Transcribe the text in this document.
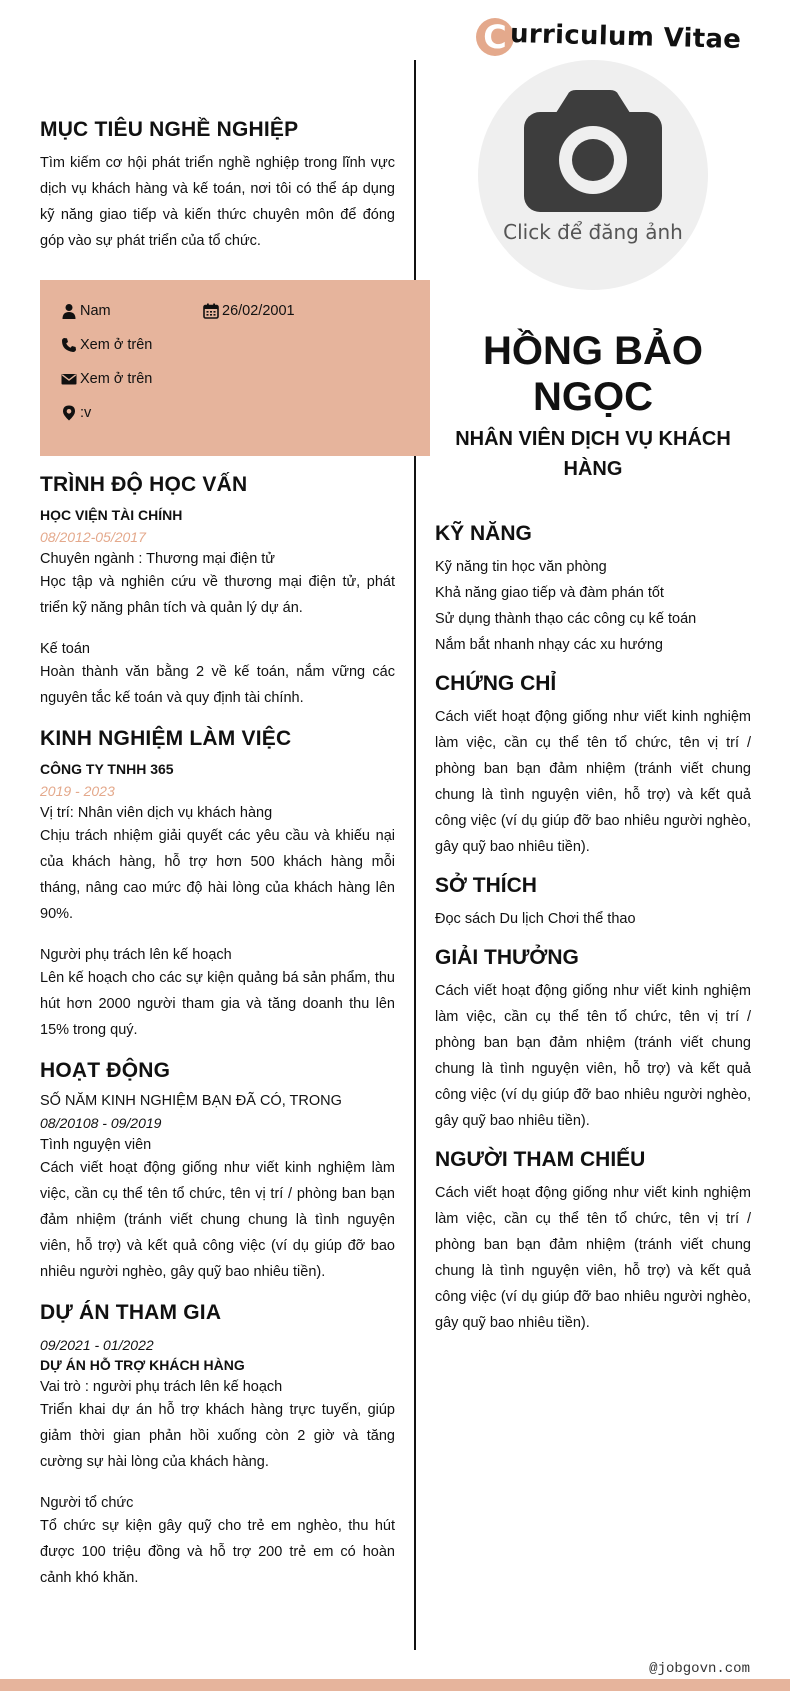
C urriculum Vitae
Click để đăng ảnh
HỒNG BẢO NGỌC
NHÂN VIÊN DỊCH VỤ KHÁCH HÀNG
MỤC TIÊU NGHỀ NGHIỆP
Tìm kiếm cơ hội phát triển nghề nghiệp trong lĩnh vực dịch vụ khách hàng và kế toán, nơi tôi có thể áp dụng kỹ năng giao tiếp và kiến thức chuyên môn để đóng góp vào sự phát triển của tổ chức.
Nam	26/02/2001
Xem ở trên
Xem ở trên
:v
TRÌNH ĐỘ HỌC VẤN
HỌC VIỆN TÀI CHÍNH
08/2012-05/2017
Chuyên ngành : Thương mại điện tử
Học tập và nghiên cứu về thương mại điện tử, phát triển kỹ năng phân tích và quản lý dự án.
Kế toán
Hoàn thành văn bằng 2 về kế toán, nắm vững các nguyên tắc kế toán và quy định tài chính.
KINH NGHIỆM LÀM VIỆC
CÔNG TY TNHH 365
2019 - 2023
Vị trí: Nhân viên dịch vụ khách hàng
Chịu trách nhiệm giải quyết các yêu cầu và khiếu nại của khách hàng, hỗ trợ hơn 500 khách hàng mỗi tháng, nâng cao mức độ hài lòng của khách hàng lên 90%.
Người phụ trách lên kế hoạch
Lên kế hoạch cho các sự kiện quảng bá sản phẩm, thu hút hơn 2000 người tham gia và tăng doanh thu lên 15% trong quý.
HOẠT ĐỘNG
SỐ NĂM KINH NGHIỆM BẠN ĐÃ CÓ, TRONG
08/20108 - 09/2019
Tình nguyện viên
Cách viết hoạt động giống như viết kinh nghiệm làm việc, cần cụ thể tên tổ chức, tên vị trí / phòng ban bạn đảm nhiệm (tránh viết chung chung là tình nguyện viên, hỗ trợ) và kết quả công việc (ví dụ giúp đỡ bao nhiêu người nghèo, gây quỹ bao nhiêu tiền).
DỰ ÁN THAM GIA
09/2021 - 01/2022
DỰ ÁN HỖ TRỢ KHÁCH HÀNG
Vai trò : người phụ trách lên kế hoạch
Triển khai dự án hỗ trợ khách hàng trực tuyến, giúp giảm thời gian phản hồi xuống còn 2 giờ và tăng cường sự hài lòng của khách hàng.
Người tổ chức
Tổ chức sự kiện gây quỹ cho trẻ em nghèo, thu hút được 100 triệu đồng và hỗ trợ 200 trẻ em có hoàn cảnh khó khăn.
KỸ NĂNG
Kỹ năng tin học văn phòng
Khả năng giao tiếp và đàm phán tốt
Sử dụng thành thạo các công cụ kế toán
Nắm bắt nhanh nhạy các xu hướng
CHỨNG CHỈ
Cách viết hoạt động giống như viết kinh nghiệm làm việc, cần cụ thể tên tổ chức, tên vị trí / phòng ban bạn đảm nhiệm (tránh viết chung chung là tình nguyện viên, hỗ trợ) và kết quả công việc (ví dụ giúp đỡ bao nhiêu người nghèo, gây quỹ bao nhiêu tiền).
SỞ THÍCH
Đọc sách Du lịch Chơi thể thao
GIẢI THƯỞNG
Cách viết hoạt động giống như viết kinh nghiệm làm việc, cần cụ thể tên tổ chức, tên vị trí / phòng ban bạn đảm nhiệm (tránh viết chung chung là tình nguyện viên, hỗ trợ) và kết quả công việc (ví dụ giúp đỡ bao nhiêu người nghèo, gây quỹ bao nhiêu tiền).
NGƯỜI THAM CHIẾU
Cách viết hoạt động giống như viết kinh nghiệm làm việc, cần cụ thể tên tổ chức, tên vị trí / phòng ban bạn đảm nhiệm (tránh viết chung chung là tình nguyện viên, hỗ trợ) và kết quả công việc (ví dụ giúp đỡ bao nhiêu người nghèo, gây quỹ bao nhiêu tiền).
@jobgovn.com
